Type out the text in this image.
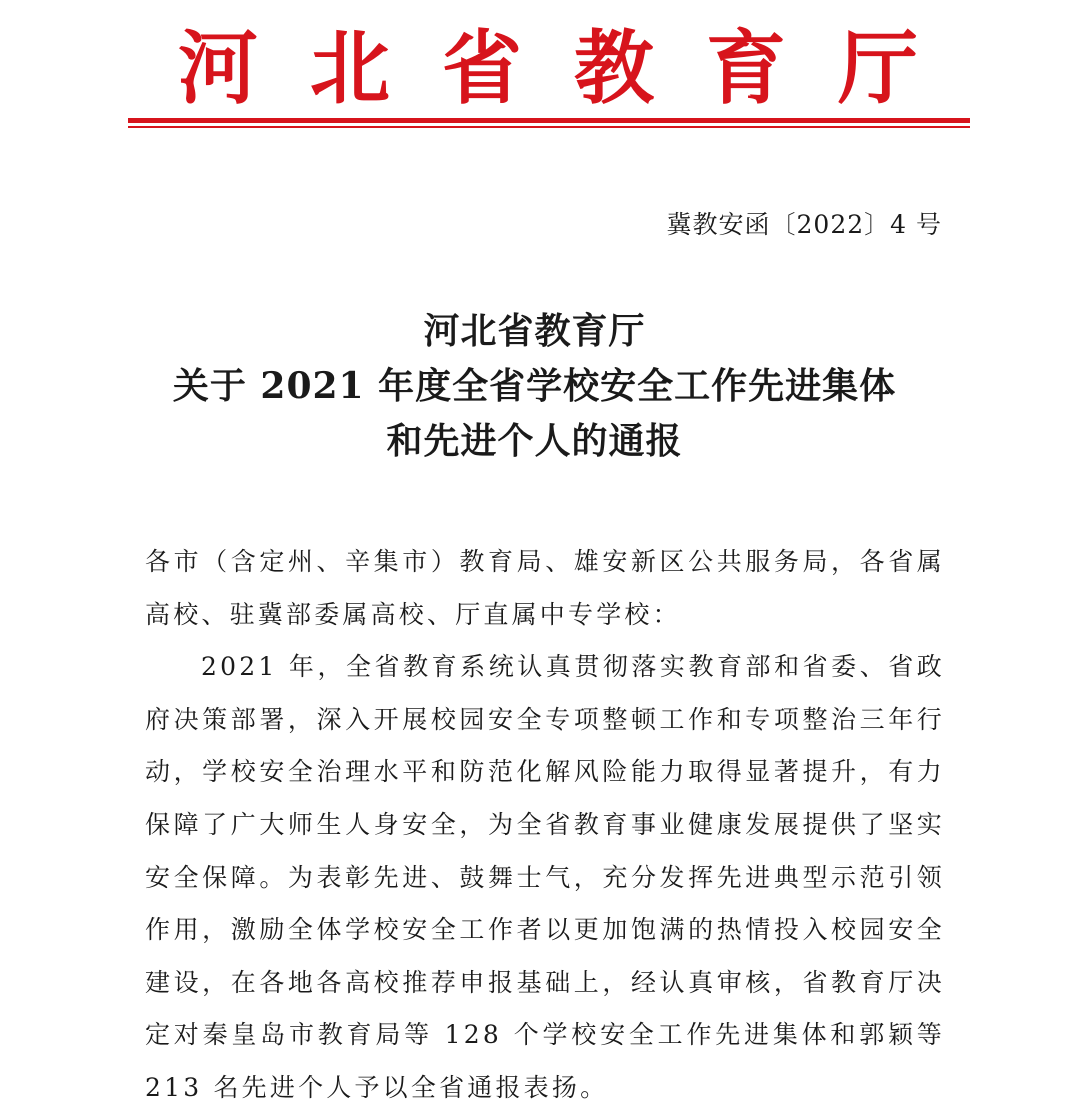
河 北 省 教 育 厅
冀教安函〔2022〕4 号
河北省教育厅
关于 2021 年度全省学校安全工作先进集体
和先进个人的通报

各市（含定州、辛集市）教育局、雄安新区公共服务局，各省属高校、驻冀部委属高校、厅直属中专学校：

2021 年，全省教育系统认真贯彻落实教育部和省委、省政府决策部署，深入开展校园安全专项整顿工作和专项整治三年行动，学校安全治理水平和防范化解风险能力取得显著提升，有力保障了广大师生人身安全，为全省教育事业健康发展提供了坚实安全保障。为表彰先进、鼓舞士气，充分发挥先进典型示范引领作用，激励全体学校安全工作者以更加饱满的热情投入校园安全建设，在各地各高校推荐申报基础上，经认真审核，省教育厅决定对秦皇岛市教育局等 128 个学校安全工作先进集体和郭颖等 213 名先进个人予以全省通报表扬。
